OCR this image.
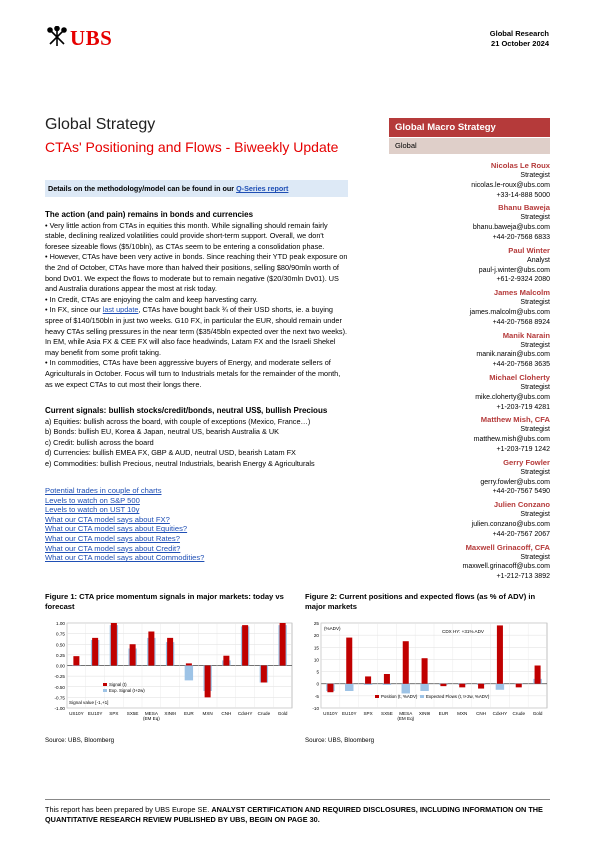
UBS	Global Research
21 October 2024
Global Strategy
CTAs' Positioning and Flows - Biweekly Update
Details on the methodology/model can be found in our Q-Series report
The action (and pain) remains in bonds and currencies
• Very little action from CTAs in equities this month. While signalling should remain fairly stable, declining realized volatilities could provide short-term support. Overall, we don't foresee sizeable flows ($5/10bln), as CTAs seem to be entering a consolidation phase.
• However, CTAs have been very active in bonds. Since reaching their YTD peak exposure on the 2nd of October, CTAs have more than halved their positions, selling $80/90mln worth of bond Dv01. We expect the flows to moderate but to remain negative ($20/30mln Dv01). US and Australia durations appear the most at risk today.
• In Credit, CTAs are enjoying the calm and keep harvesting carry.
• In FX, since our last update, CTAs have bought back ¾ of their USD shorts, ie. a buying spree of $140/150bln in just two weeks. G10 FX, in particular the EUR, should remain under heavy CTAs selling pressures in the near term ($35/45bln expected over the next two weeks). In EM, while Asia FX & CEE FX will also face headwinds, Latam FX and the Israeli Shekel may benefit from some profit taking.
• In commodities, CTAs have been aggressive buyers of Energy, and moderate sellers of Agriculturals in October. Focus will turn to Industrials metals for the remainder of the month, as we expect CTAs to cut most their longs there.
Current signals: bullish stocks/credit/bonds, neutral US$, bullish Precious
a) Equities: bullish across the board, with couple of exceptions (Mexico, France…)
b) Bonds: bullish EU, Korea & Japan, neutral US, bearish Australia & UK
c) Credit: bullish across the board
d) Currencies: bullish EMEA FX, GBP & AUD, neutral USD, bearish Latam FX
e) Commodities: bullish Precious, neutral Industrials, bearish Energy & Agriculturals
Potential trades in couple of charts
Levels to watch on S&P 500
Levels to watch on UST 10y
What our CTA model says about FX?
What our CTA model says about Equities?
What our CTA model says about Rates?
What our CTA model says about Credit?
What our CTA model says about Commodities?
Global Macro Strategy
Global
Nicolas Le Roux
Strategist
nicolas.le-roux@ubs.com
+33-14-888 5000
Bhanu Baweja
Strategist
bhanu.baweja@ubs.com
+44-20-7568 6833
Paul Winter
Analyst
paul-j.winter@ubs.com
+61-2-9324 2080
James Malcolm
Strategist
james.malcolm@ubs.com
+44-20-7568 8924
Manik Narain
Strategist
manik.narain@ubs.com
+44-20-7568 3635
Michael Cloherty
Strategist
mike.cloherty@ubs.com
+1-203-719 4281
Matthew Mish, CFA
Strategist
matthew.mish@ubs.com
+1-203-719 1242
Gerry Fowler
Strategist
gerry.fowler@ubs.com
+44-20-7567 5490
Julien Conzano
Strategist
julien.conzano@ubs.com
+44-20-7567 2067
Maxwell Grinacoff, CFA
Strategist
maxwell.grinacoff@ubs.com
+1-212-713 3892
Figure 1: CTA price momentum signals in major markets: today vs forecast
1.00
0.75
0.50
0.25
0.00
-0.25
-0.50
-0.75
-1.00
US10Y EU10Y SPX SX5E MESA
(EM Eq)
XIN9I EUR MXN CNH CdxHY Crude Gold
Signal (t)
Exp. Signal (t+2w)
Signal value [-1,+1]
Source: UBS, Bloomberg
Figure 2: Current positions and expected flows (as % of ADV) in major markets
25
20
15
10
5
0
-5
-10
US10Y EU10Y SPX SX5E MESA
(EM Eq)
XIN9I EUR MXN CNH CdxHY Crude Gold
Position (t, %ADV) Expected Flows (t, t+2w, %ADV)
CDX HY: +31% ADV
(%ADV)
Source: UBS, Bloomberg
This report has been prepared by UBS Europe SE. ANALYST CERTIFICATION AND REQUIRED DISCLOSURES, INCLUDING INFORMATION ON THE QUANTITATIVE RESEARCH REVIEW PUBLISHED BY UBS, BEGIN ON PAGE 30.
